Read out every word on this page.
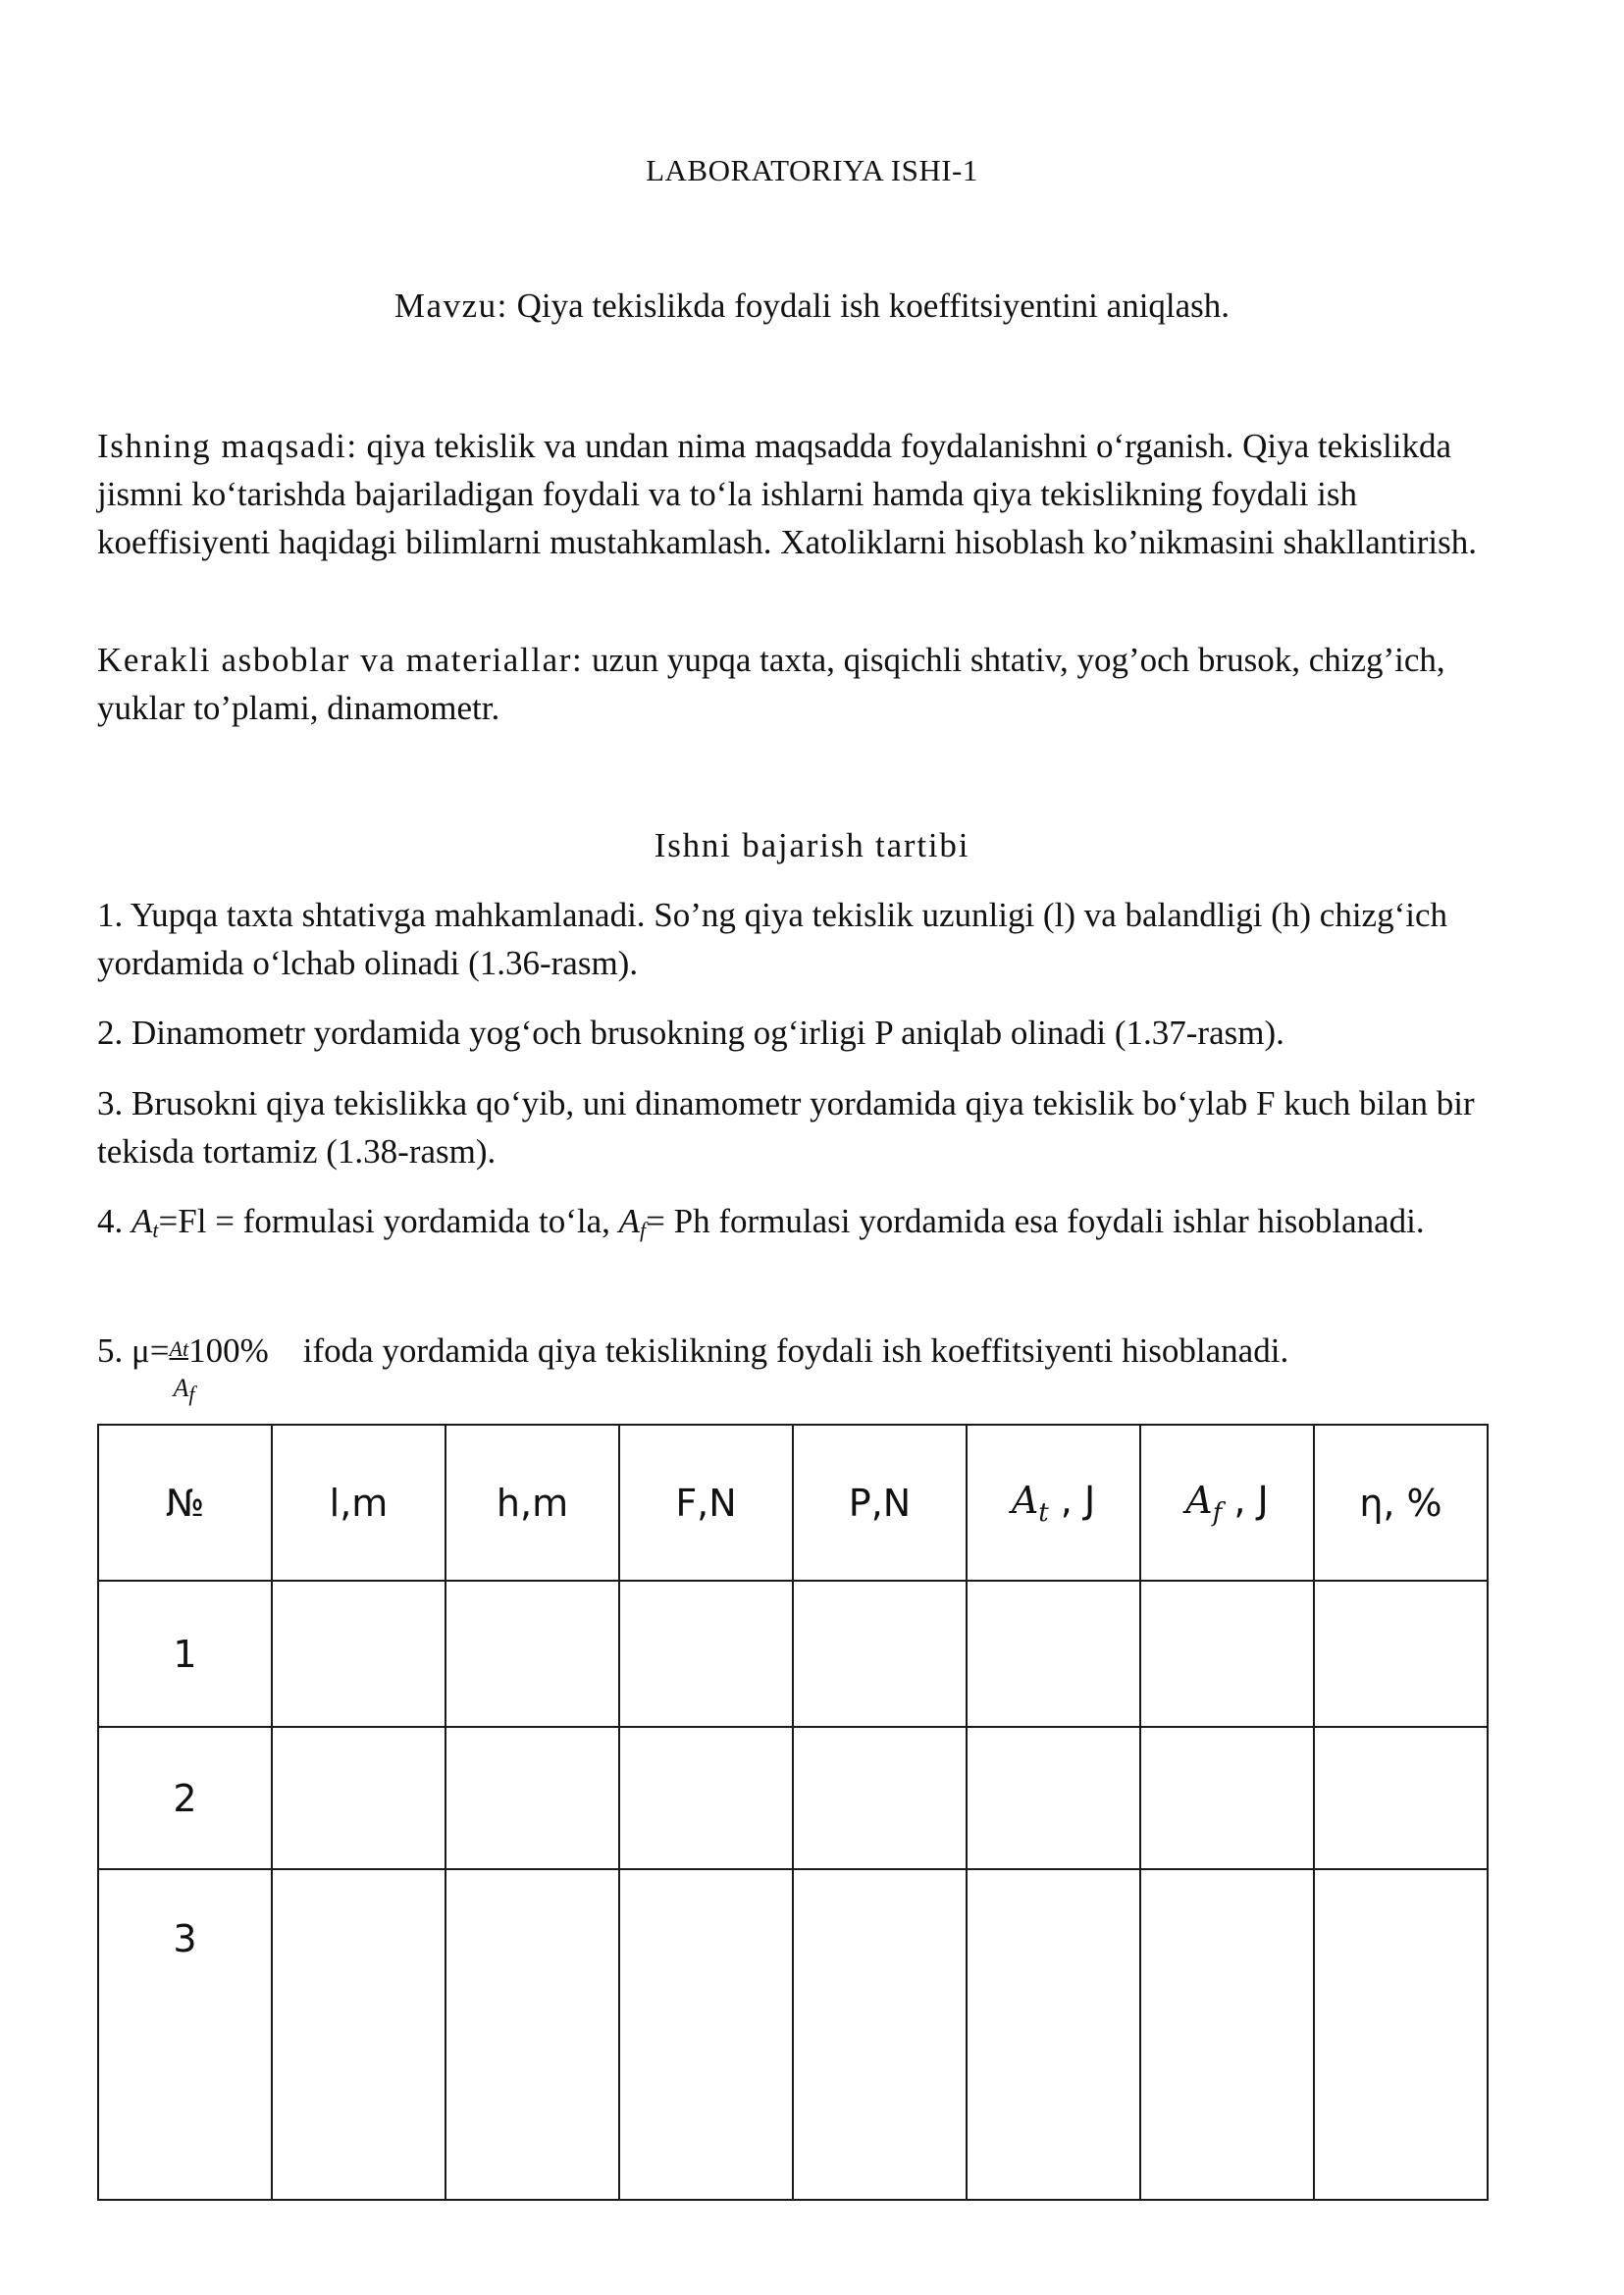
LABORATORIYA ISHI-1
Mavzu: Qiya tekislikda foydali ish koeffitsiyentini aniqlash.
Ishning maqsadi: qiya tekislik va undan nima maqsadda foydalanishni o‘rganish. Qiya tekislikda jismni ko‘tarishda bajariladigan foydali va to‘la ishlarni hamda qiya tekislikning foydali ish koeffisiyenti haqidagi bilimlarni mustahkamlash. Xatoliklarni hisoblash ko’nikmasini shakllantirish.
Kerakli asboblar va materiallar: uzun yupqa taxta, qisqichli shtativ, yog’och brusok, chizg’ich, yuklar to’plami, dinamometr.
Ishni bajarish tartibi
1. Yupqa taxta shtativga mahkamlanadi. So’ng qiya tekislik uzunligi (l) va balandligi (h) chizg‘ich yordamida o‘lchab olinadi (1.36-rasm).
2. Dinamometr yordamida yog‘och brusokning og‘irligi P aniqlab olinadi (1.37-rasm).
3. Brusokni qiya tekislikka qo‘yib, uni dinamometr yordamida qiya tekislik bo‘ylab F kuch bilan bir tekisda tortamiz (1.38-rasm).
4. $A_t=Fl$ = formulasi yordamida to‘la, $A_f= Ph$ formulasi yordamida esa foydali ishlar hisoblanadi.
5. $\mu=\frac{At}{A_f} 100\%$ ifoda yordamida qiya tekislikning foydali ish koeffitsiyenti hisoblanadi.
№	l,m	h,m	F,N	P,N	$A_t$ , J	$A_f$ , J	η, %
1							
2							
3							
